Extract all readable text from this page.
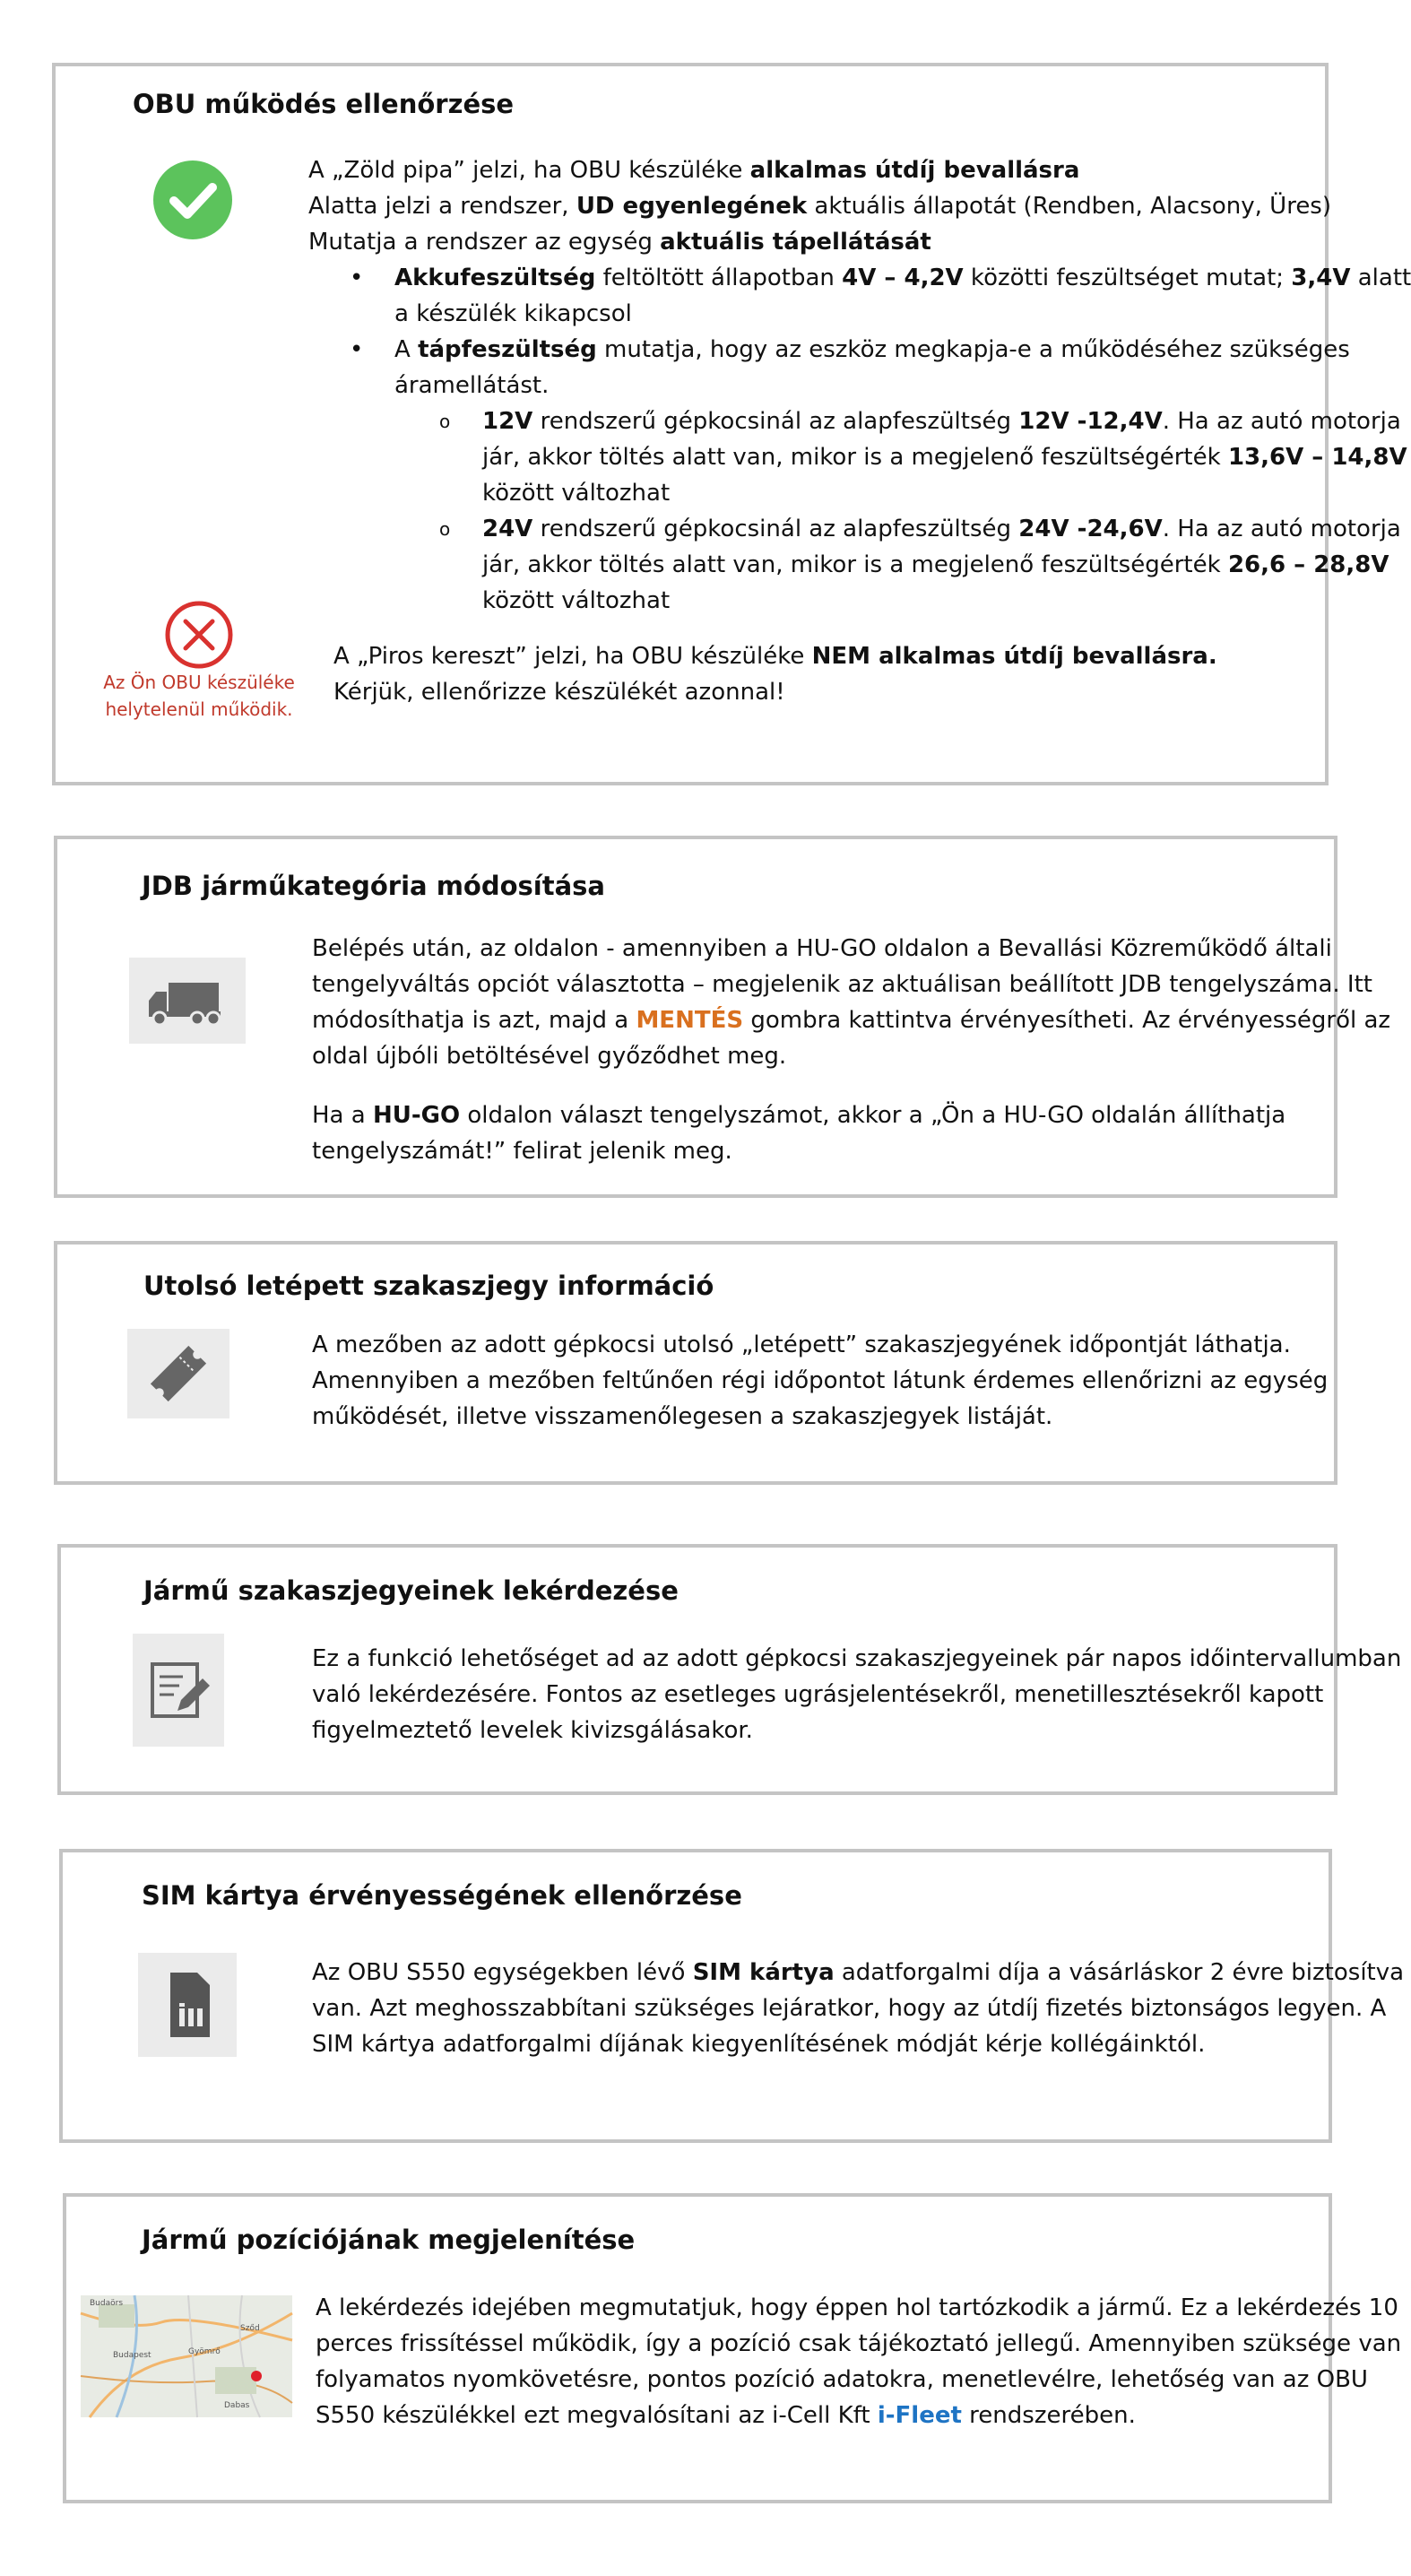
OBU működés ellenőrzése
A „Zöld pipa” jelzi, ha OBU készüléke alkalmas útdíj bevallásra
Alatta jelzi a rendszer, UD egyenlegének aktuális állapotát (Rendben, Alacsony, Üres)
Mutatja a rendszer az egység aktuális tápellátását
• Akkufeszültség feltöltött állapotban 4V – 4,2V közötti feszültséget mutat; 3,4V alatt
a készülék kikapcsol
• A tápfeszültség mutatja, hogy az eszköz megkapja-e a működéséhez szükséges
áramellátást.
o 12V rendszerű gépkocsinál az alapfeszültség 12V -12,4V. Ha az autó motorja
jár, akkor töltés alatt van, mikor is a megjelenő feszültségérték 13,6V – 14,8V
között változhat
o 24V rendszerű gépkocsinál az alapfeszültség 24V -24,6V. Ha az autó motorja
jár, akkor töltés alatt van, mikor is a megjelenő feszültségérték 26,6 – 28,8V
között változhat
Az Ön OBU készüléke
helytelenül működik.
A „Piros kereszt” jelzi, ha OBU készüléke NEM alkalmas útdíj bevallásra.
Kérjük, ellenőrizze készülékét azonnal!
JDB járműkategória módosítása
Belépés után, az oldalon - amennyiben a HU-GO oldalon a Bevallási Közreműködő általi
tengelyváltás opciót választotta – megjelenik az aktuálisan beállított JDB tengelyszáma. Itt
módosíthatja is azt, majd a MENTÉS gombra kattintva érvényesítheti. Az érvényességről az
oldal újbóli betöltésével győződhet meg.
Ha a HU-GO oldalon választ tengelyszámot, akkor a „Ön a HU-GO oldalán állíthatja
tengelyszámát!” felirat jelenik meg.
Utolsó letépett szakaszjegy információ
A mezőben az adott gépkocsi utolsó „letépett” szakaszjegyének időpontját láthatja.
Amennyiben a mezőben feltűnően régi időpontot látunk érdemes ellenőrizni az egység
működését, illetve visszamenőlegesen a szakaszjegyek listáját.
Jármű szakaszjegyeinek lekérdezése
Ez a funkció lehetőséget ad az adott gépkocsi szakaszjegyeinek pár napos időintervallumban
való lekérdezésére. Fontos az esetleges ugrásjelentésekről, menetillesztésekről kapott
figyelmeztető levelek kivizsgálásakor.
SIM kártya érvényességének ellenőrzése
Az OBU S550 egységekben lévő SIM kártya adatforgalmi díja a vásárláskor 2 évre biztosítva
van. Azt meghosszabbítani szükséges lejáratkor, hogy az útdíj fizetés biztonságos legyen. A
SIM kártya adatforgalmi díjának kiegyenlítésének módját kérje kollégáinktól.
Jármű pozíciójának megjelenítése
Budaörs
Sződ
Gyömrő
Budapest
Dabas
A lekérdezés idejében megmutatjuk, hogy éppen hol tartózkodik a jármű. Ez a lekérdezés 10
perces frissítéssel működik, így a pozíció csak tájékoztató jellegű. Amennyiben szüksége van
folyamatos nyomkövetésre, pontos pozíció adatokra, menetlevélre, lehetőség van az OBU
S550 készülékkel ezt megvalósítani az i-Cell Kft i-Fleet rendszerében.
